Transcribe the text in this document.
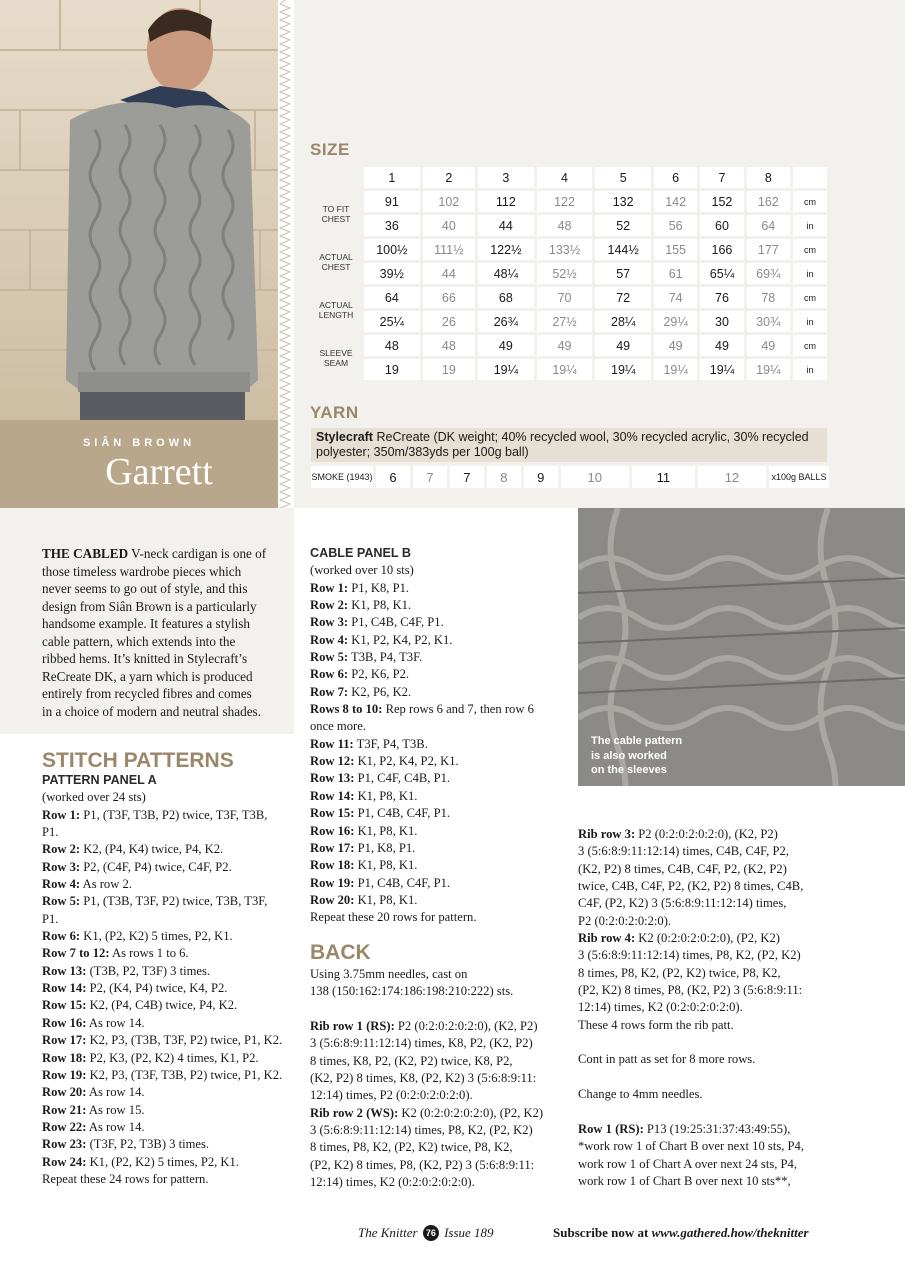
SIÂN BROWN
Garrett
SIZE
	1	2	3	4	5	6	7	8	
TO FIT CHEST	91	102	112	122	132	142	152	162	cm
	36	40	44	48	52	56	60	64	in
ACTUAL CHEST	100½	111½	122½	133½	144½	155	166	177	cm
	39½	44	48¼	52½	57	61	65¼	69¾	in
ACTUAL LENGTH	64	66	68	70	72	74	76	78	cm
	25¼	26	26¾	27½	28¼	29¼	30	30¾	in
SLEEVE SEAM	48	48	49	49	49	49	49	49	cm
	19	19	19¼	19¼	19¼	19¼	19¼	19¼	in
YARN
Stylecraft ReCreate (DK weight; 40% recycled wool, 30% recycled acrylic, 30% recycled polyester; 350m/383yds per 100g ball)
SMOKE (1943)	6	7	7	8	9	10	11	12	x100g BALLS
THE CABLED V-neck cardigan is one of
those timeless wardrobe pieces which
never seems to go out of style, and this
design from Siân Brown is a particularly
handsome example. It features a stylish
cable pattern, which extends into the
ribbed hems. It’s knitted in Stylecraft’s
ReCreate DK, a yarn which is produced
entirely from recycled fibres and comes
in a choice of modern and neutral shades.
STITCH PATTERNS
PATTERN PANEL A
(worked over 24 sts)
Row 1: P1, (T3F, T3B, P2) twice, T3F, T3B,
P1.
Row 2: K2, (P4, K4) twice, P4, K2.
Row 3: P2, (C4F, P4) twice, C4F, P2.
Row 4: As row 2.
Row 5: P1, (T3B, T3F, P2) twice, T3B, T3F,
P1.
Row 6: K1, (P2, K2) 5 times, P2, K1.
Row 7 to 12: As rows 1 to 6.
Row 13: (T3B, P2, T3F) 3 times.
Row 14: P2, (K4, P4) twice, K4, P2.
Row 15: K2, (P4, C4B) twice, P4, K2.
Row 16: As row 14.
Row 17: K2, P3, (T3B, T3F, P2) twice, P1, K2.
Row 18: P2, K3, (P2, K2) 4 times, K1, P2.
Row 19: K2, P3, (T3F, T3B, P2) twice, P1, K2.
Row 20: As row 14.
Row 21: As row 15.
Row 22: As row 14.
Row 23: (T3F, P2, T3B) 3 times.
Row 24: K1, (P2, K2) 5 times, P2, K1.
Repeat these 24 rows for pattern.
CABLE PANEL B
(worked over 10 sts)
Row 1: P1, K8, P1.
Row 2: K1, P8, K1.
Row 3: P1, C4B, C4F, P1.
Row 4: K1, P2, K4, P2, K1.
Row 5: T3B, P4, T3F.
Row 6: P2, K6, P2.
Row 7: K2, P6, K2.
Rows 8 to 10: Rep rows 6 and 7, then row 6
once more.
Row 11: T3F, P4, T3B.
Row 12: K1, P2, K4, P2, K1.
Row 13: P1, C4F, C4B, P1.
Row 14: K1, P8, K1.
Row 15: P1, C4B, C4F, P1.
Row 16: K1, P8, K1.
Row 17: P1, K8, P1.
Row 18: K1, P8, K1.
Row 19: P1, C4B, C4F, P1.
Row 20: K1, P8, K1.
Repeat these 20 rows for pattern.
BACK
Using 3.75mm needles, cast on
138 (150:162:174:186:198:210:222) sts.

Rib row 1 (RS): P2 (0:2:0:2:0:2:0), (K2, P2)
3 (5:6:8:9:11:12:14) times, K8, P2, (K2, P2)
8 times, K8, P2, (K2, P2) twice, K8, P2,
(K2, P2) 8 times, K8, (P2, K2) 3 (5:6:8:9:11:
12:14) times, P2 (0:2:0:2:0:2:0).
Rib row 2 (WS): K2 (0:2:0:2:0:2:0), (P2, K2)
3 (5:6:8:9:11:12:14) times, P8, K2, (P2, K2)
8 times, P8, K2, (P2, K2) twice, P8, K2,
(P2, K2) 8 times, P8, (K2, P2) 3 (5:6:8:9:11:
12:14) times, K2 (0:2:0:2:0:2:0).
The cable pattern
is also worked
on the sleeves
Rib row 3: P2 (0:2:0:2:0:2:0), (K2, P2)
3 (5:6:8:9:11:12:14) times, C4B, C4F, P2,
(K2, P2) 8 times, C4B, C4F, P2, (K2, P2)
twice, C4B, C4F, P2, (K2, P2) 8 times, C4B,
C4F, (P2, K2) 3 (5:6:8:9:11:12:14) times,
P2 (0:2:0:2:0:2:0).
Rib row 4: K2 (0:2:0:2:0:2:0), (P2, K2)
3 (5:6:8:9:11:12:14) times, P8, K2, (P2, K2)
8 times, P8, K2, (P2, K2) twice, P8, K2,
(P2, K2) 8 times, P8, (K2, P2) 3 (5:6:8:9:11:
12:14) times, K2 (0:2:0:2:0:2:0).
These 4 rows form the rib patt.

Cont in patt as set for 8 more rows.

Change to 4mm needles.

Row 1 (RS): P13 (19:25:31:37:43:49:55),
*work row 1 of Chart B over next 10 sts, P4,
work row 1 of Chart A over next 24 sts, P4,
work row 1 of Chart B over next 10 sts**,
The Knitter 76 Issue 189	Subscribe now at www.gathered.how/theknitter
